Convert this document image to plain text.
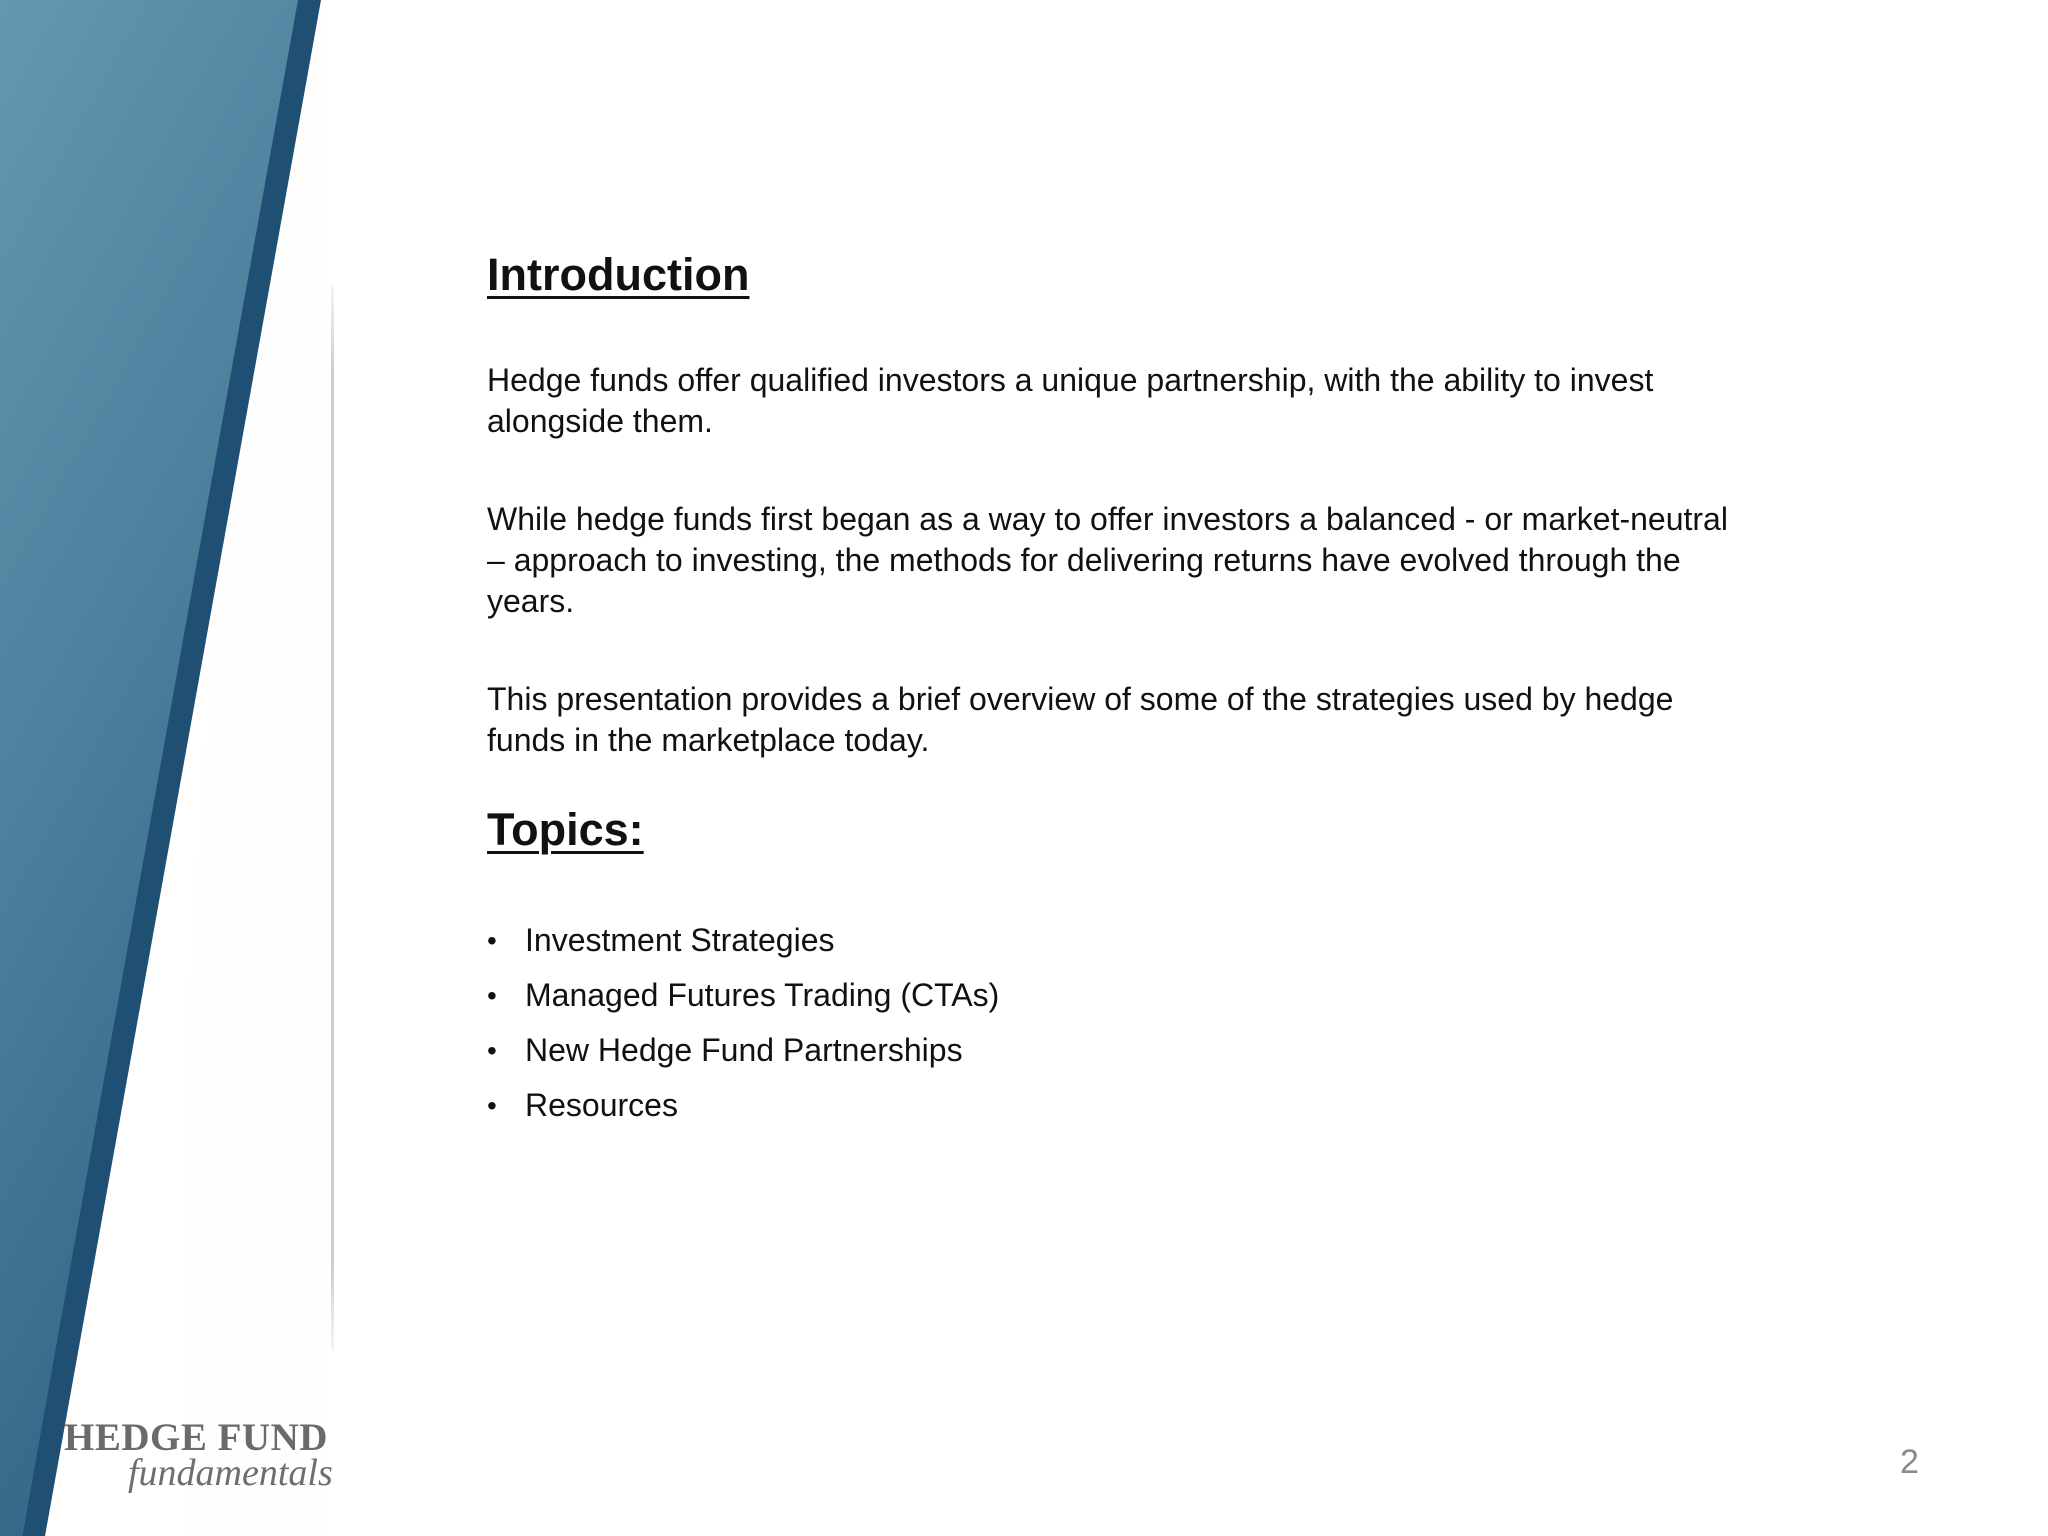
Introduction

Hedge funds offer qualified investors a unique partnership, with the ability to invest alongside them.

While hedge funds first began as a way to offer investors a balanced - or market-neutral – approach to investing, the methods for delivering returns have evolved through the years.

This presentation provides a brief overview of some of the strategies used by hedge funds in the marketplace today.

Topics:
• Investment Strategies
• Managed Futures Trading (CTAs)
• New Hedge Fund Partnerships
• Resources
HEDGE FUND
fundamentals	2
